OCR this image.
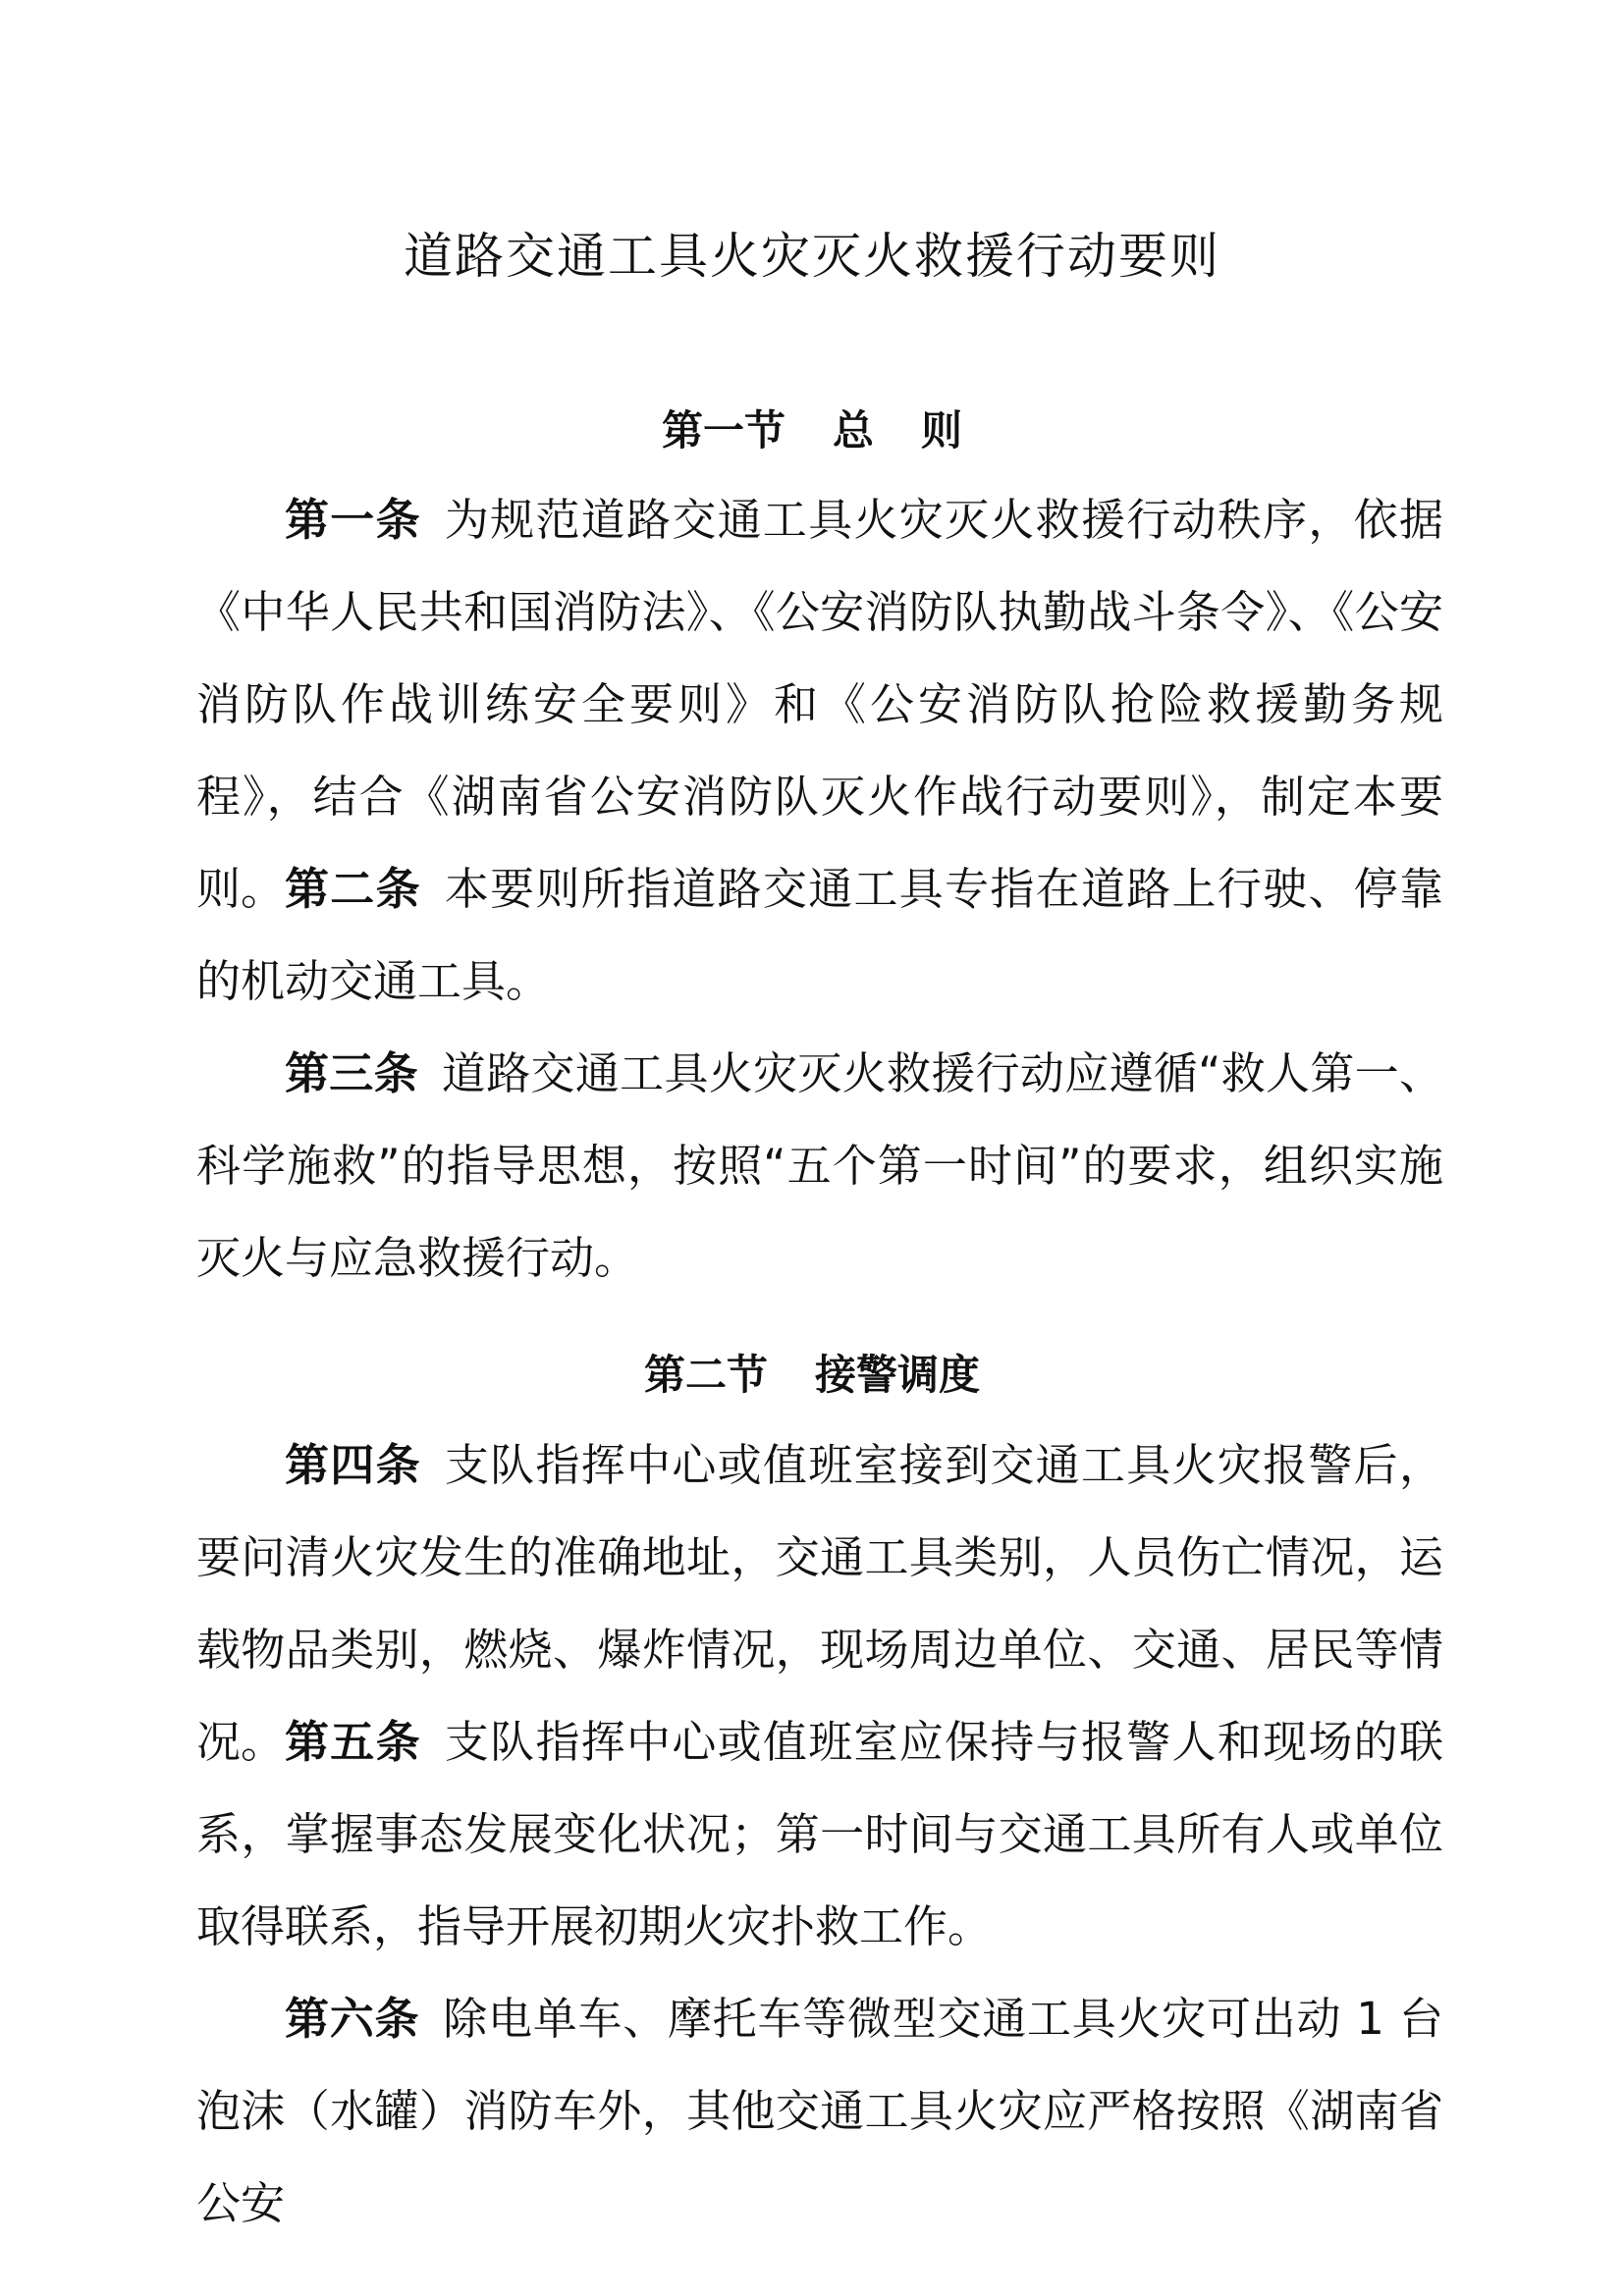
道路交通工具火灾灭火救援行动要则
第一节 总 则

第一条 为规范道路交通工具火灾灭火救援行动秩序，依据《中华人民共和国消防法》、《公安消防队执勤战斗条令》、《公安消防队作战训练安全要则》和《公安消防队抢险救援勤务规程》，结合《湖南省公安消防队灭火作战行动要则》，制定本要则。 第二条 本要则所指道路交通工具专指在道路上行驶、停靠的机动交通工具。

第三条 道路交通工具火灾灭火救援行动应遵循“救人第一、科学施救”的指导思想，按照“五个第一时间”的要求，组织实施灭火与应急救援行动。

第二节 接警调度

第四条 支队指挥中心或值班室接到交通工具火灾报警后，要问清火灾发生的准确地址，交通工具类别，人员伤亡情况，运载物品类别，燃烧、爆炸情况，现场周边单位、交通、居民等情况。 第五条 支队指挥中心或值班室应保持与报警人和现场的联系，掌握事态发展变化状况；第一时间与交通工具所有人或单位取得联系，指导开展初期火灾扑救工作。

第六条 除电单车、摩托车等微型交通工具火灾可出动 1 台泡沫（水罐）消防车外，其他交通工具火灾应严格按照《湖南省公安
